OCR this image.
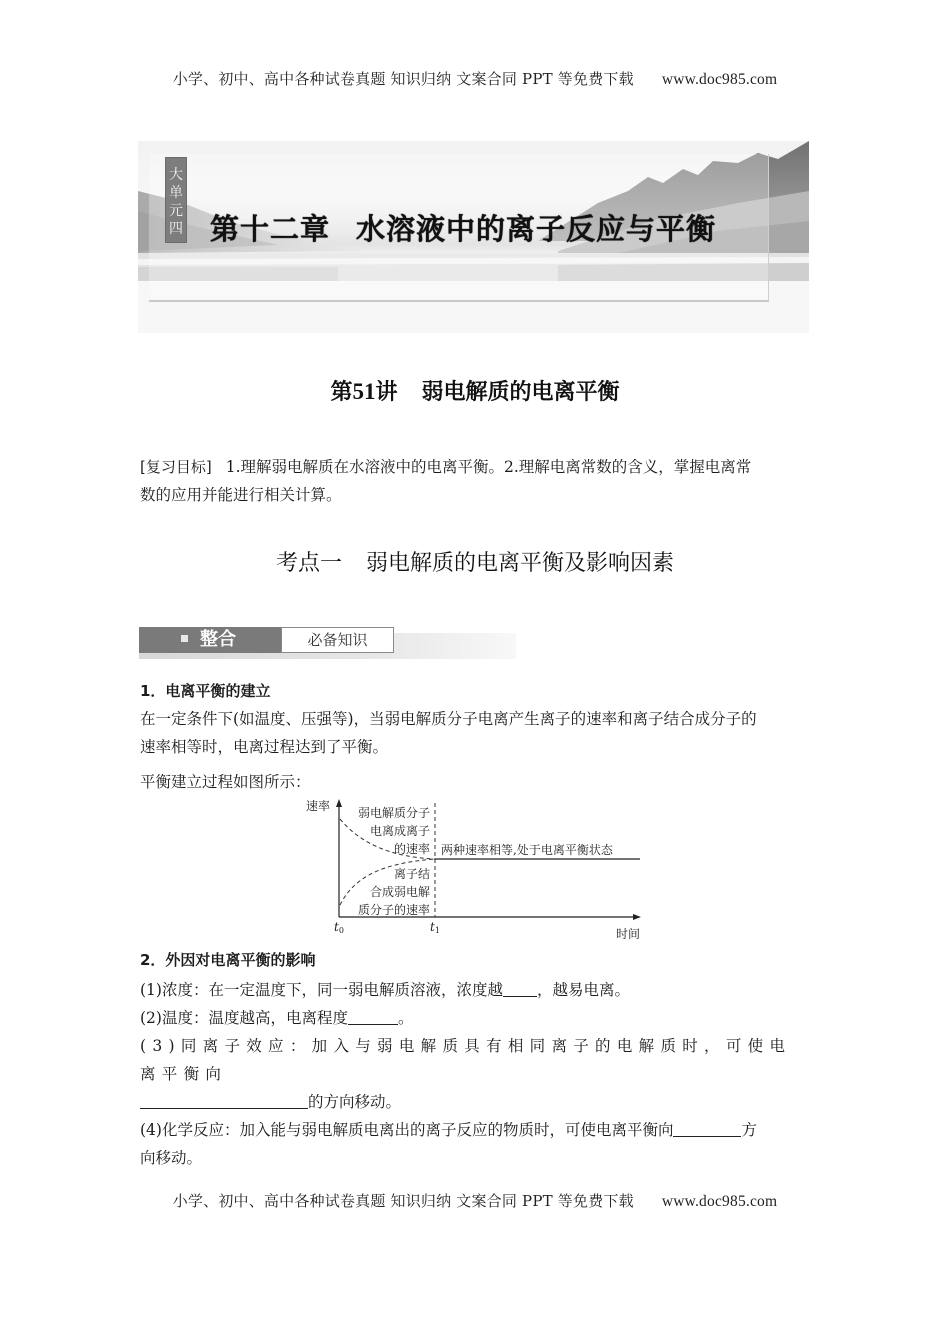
小学、初中、高中各种试卷真题 知识归纳 文案合同 PPT 等免费下载 www.doc985.com
大
单
元
四 第十二章 水溶液中的离子反应与平衡
第51讲 弱电解质的电离平衡
[复习目标] 1.理解弱电解质在水溶液中的电离平衡。2.理解电离常数的含义，掌握电离常
数的应用并能进行相关计算。
考点一 弱电解质的电离平衡及影响因素
整合	必备知识
1．电离平衡的建立
在一定条件下(如温度、压强等)，当弱电解质分子电离产生离子的速率和离子结合成分子的
速率相等时，电离过程达到了平衡。
平衡建立过程如图所示：
速率 弱电解质分子
电离成离子
的速率
离子结
合成弱电解
质分子的速率
两种速率相等,处于电离平衡状态
t0	t1	时间
2．外因对电离平衡的影响
(1)浓度：在一定温度下，同一弱电解质溶液，浓度越 ，越易电离。
(2)温度：温度越高，电离程度	。
(3)同离子效应：加入与弱电解质具有相同离子的电解质时，可使电离平衡向
的方向移动。
(4)化学反应：加入能与弱电解质电离出的离子反应的物质时，可使电离平衡向	方
向移动。
小学、初中、高中各种试卷真题 知识归纳 文案合同 PPT 等免费下载 www.doc985.com
